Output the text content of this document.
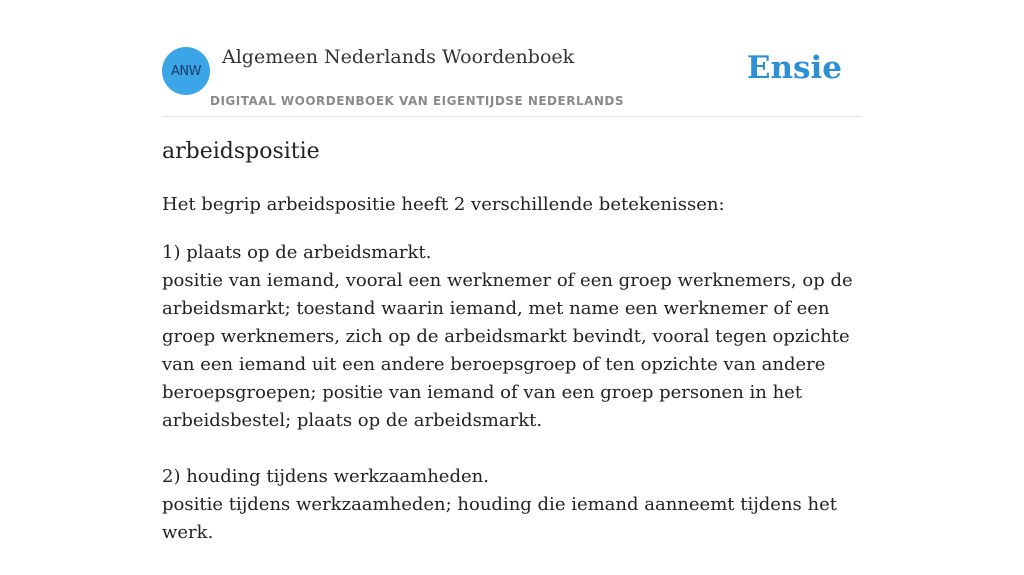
ANW
Algemeen Nederlands Woordenboek
DIGITAAL WOORDENBOEK VAN EIGENTIJDSE NEDERLANDS
Ensie
arbeidspositie

Het begrip arbeidspositie heeft 2 verschillende betekenissen:

1) plaats op de arbeidsmarkt.

positie van iemand, vooral een werknemer of een groep werknemers, op de arbeidsmarkt; toestand waarin iemand, met name een werknemer of een groep werknemers, zich op de arbeidsmarkt bevindt, vooral tegen opzichte van een iemand uit een andere beroepsgroep of ten opzichte van andere beroepsgroepen; positie van iemand of van een groep personen in het arbeidsbestel; plaats op de arbeidsmarkt.

2) houding tijdens werkzaamheden.

positie tijdens werkzaamheden; houding die iemand aanneemt tijdens het werk.
